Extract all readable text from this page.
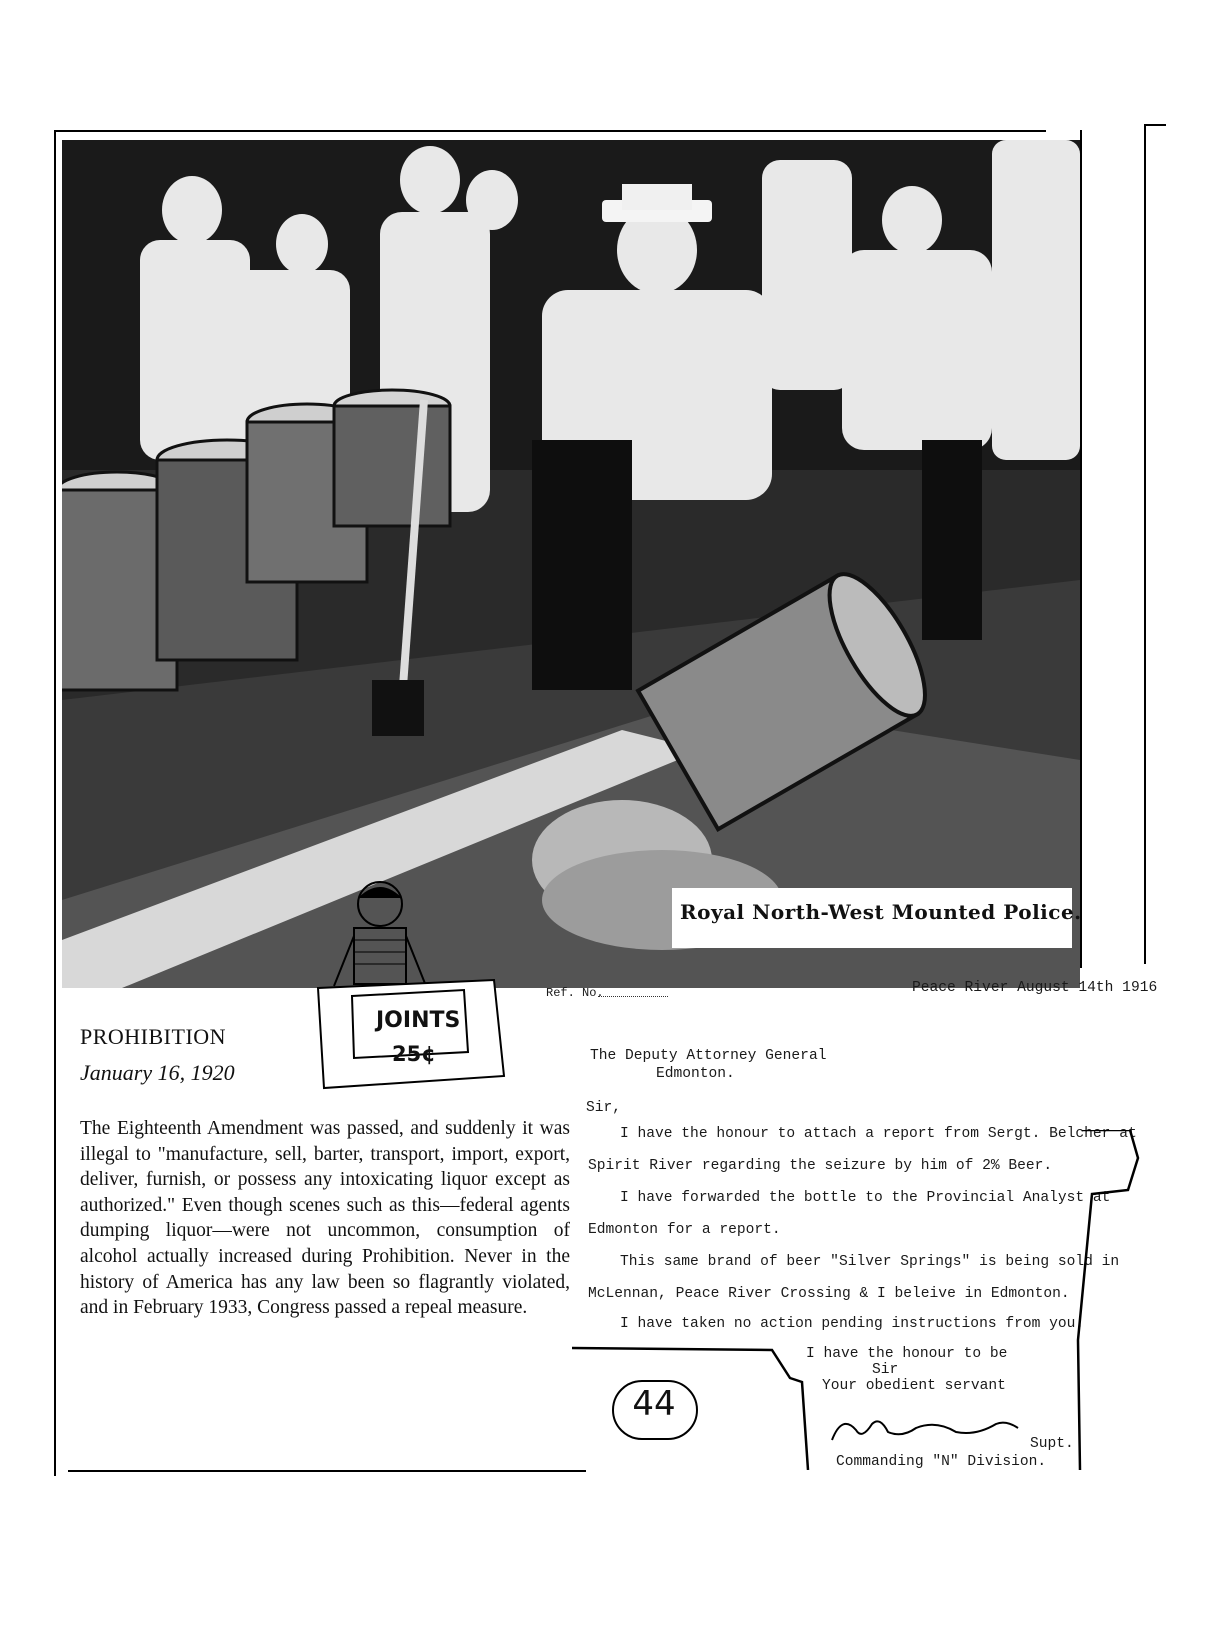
Royal North-West Mounted Police.
Ref. No.	Peace River August 14th 1916
JOINTS
25¢
PROHIBITION
January 16, 1920
The Eighteenth Amendment was passed, and suddenly it was illegal to "manufacture, sell, barter, transport, import, export, deliver, furnish, or possess any intoxicating liquor except as authorized." Even though scenes such as this—federal agents dumping liquor—were not uncommon, consumption of alcohol actually increased during Prohibition. Never in the history of America has any law been so flagrantly violated, and in February 1933, Congress passed a repeal measure.
The Deputy Attorney General
Edmonton.
Sir,
I have the honour to attach a report from Sergt. Belcher at
Spirit River regarding the seizure by him of 2% Beer.
I have forwarded the bottle to the Provincial Analyst at
Edmonton for a report.
This same brand of beer "Silver Springs" is being sold in
McLennan, Peace River Crossing & I beleive in Edmonton.
I have taken no action pending instructions from you.
I have the honour to be
Sir
Your obedient servant
Supt.
Commanding "N" Division.
44
